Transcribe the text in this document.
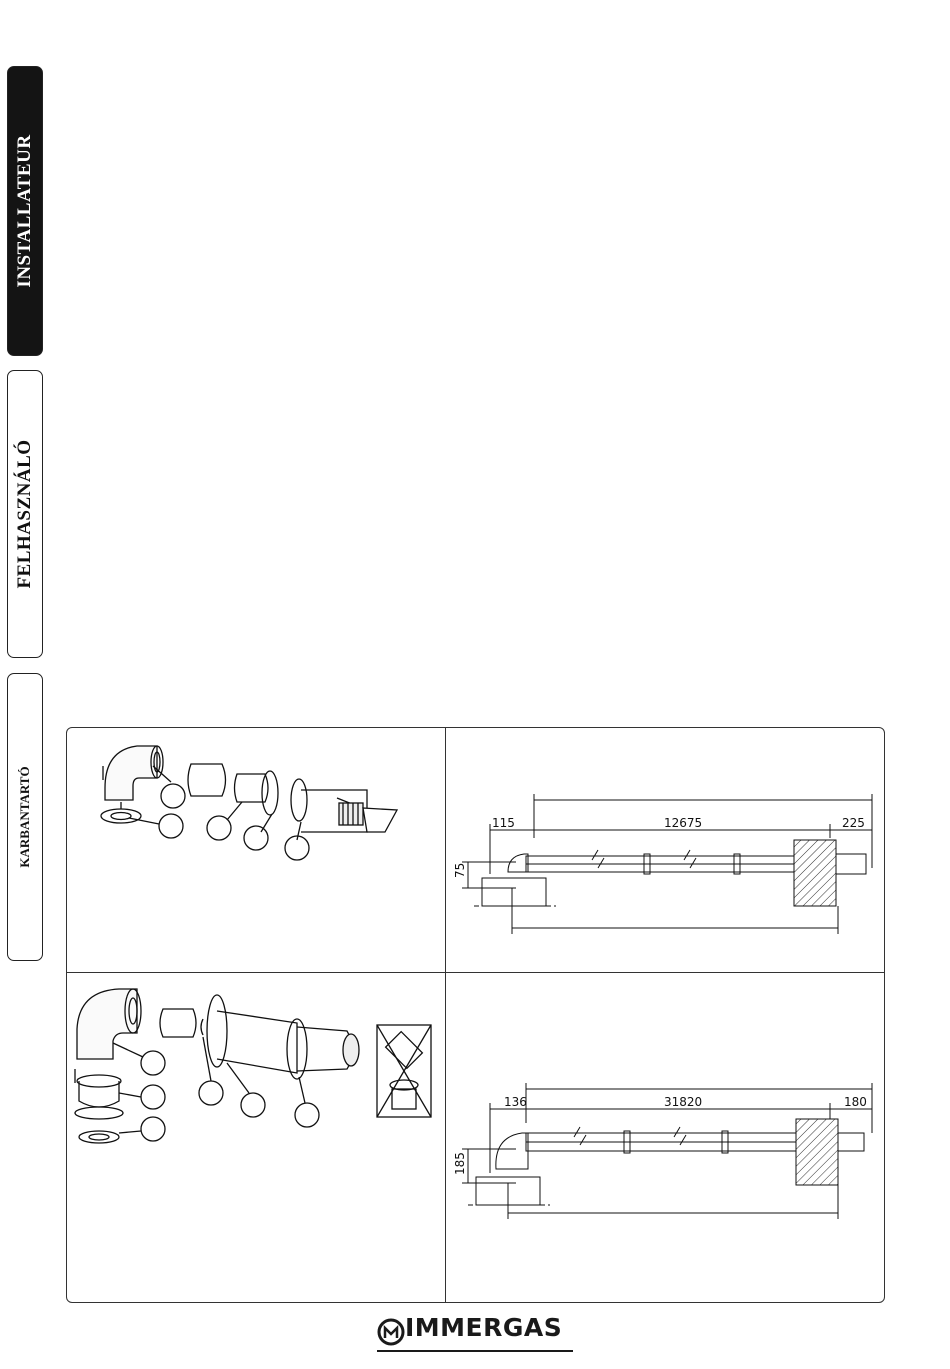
INSTALLATEUR
FELHASZNÁLÓ
KARBANTARTÓ	115	12675	225
75
136	31820	180
185
IMMERGAS
